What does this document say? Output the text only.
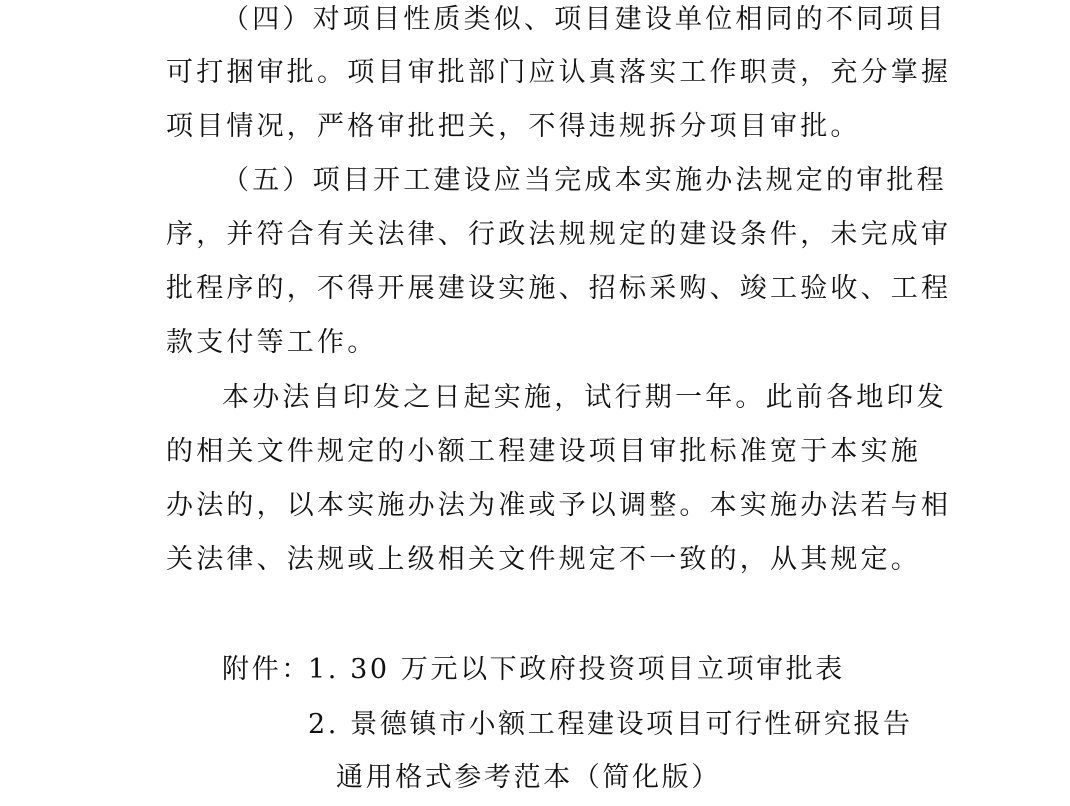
（四）对项目性质类似、项目建设单位相同的不同项目
可打捆审批。项目审批部门应认真落实工作职责，充分掌握
项目情况，严格审批把关，不得违规拆分项目审批。
（五）项目开工建设应当完成本实施办法规定的审批程
序，并符合有关法律、行政法规规定的建设条件，未完成审
批程序的，不得开展建设实施、招标采购、竣工验收、工程
款支付等工作。
本办法自印发之日起实施，试行期一年。此前各地印发
的相关文件规定的小额工程建设项目审批标准宽于本实施
办法的，以本实施办法为准或予以调整。本实施办法若与相
关法律、法规或上级相关文件规定不一致的，从其规定。
附件：
1. 30 万元以下政府投资项目立项审批表
2. 景德镇市小额工程建设项目可行性研究报告
通用格式参考范本（简化版）
